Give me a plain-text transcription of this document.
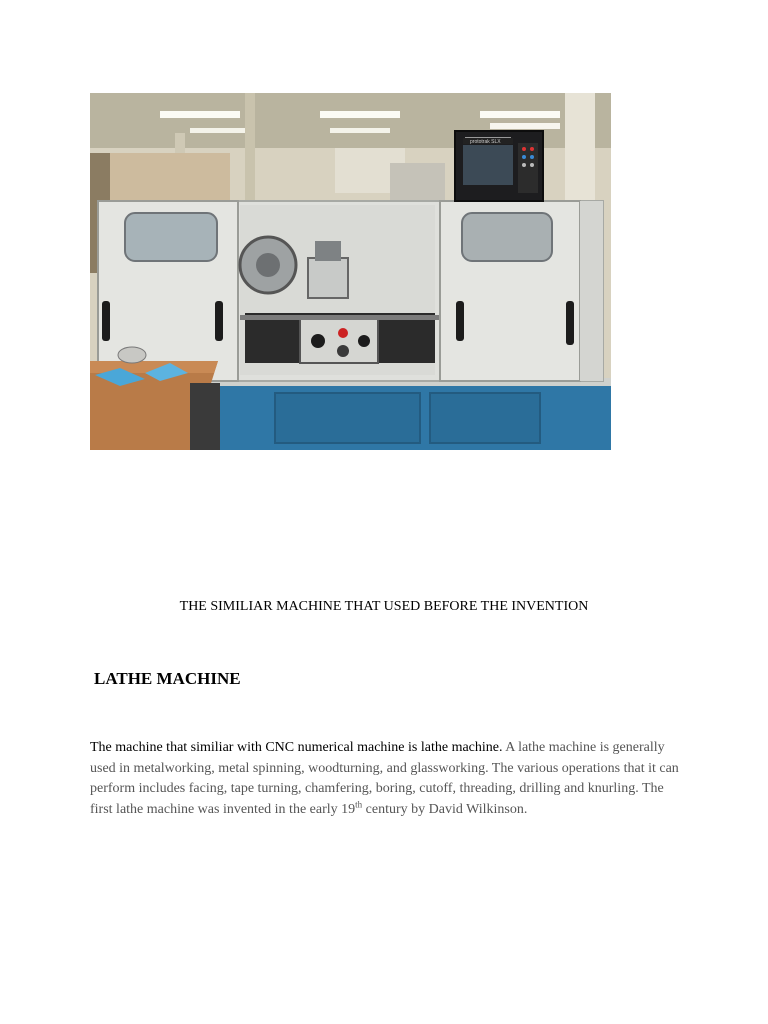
prototrak SLX
THE SIMILIAR MACHINE THAT USED BEFORE THE INVENTION
LATHE MACHINE

The machine that similiar with CNC numerical machine is lathe machine. A lathe machine is generally used in metalworking, metal spinning, woodturning, and glassworking. The various operations that it can perform includes facing, tape turning, chamfering, boring, cutoff, threading, drilling and knurling. The first lathe machine was invented in the early 19th century by David Wilkinson.
